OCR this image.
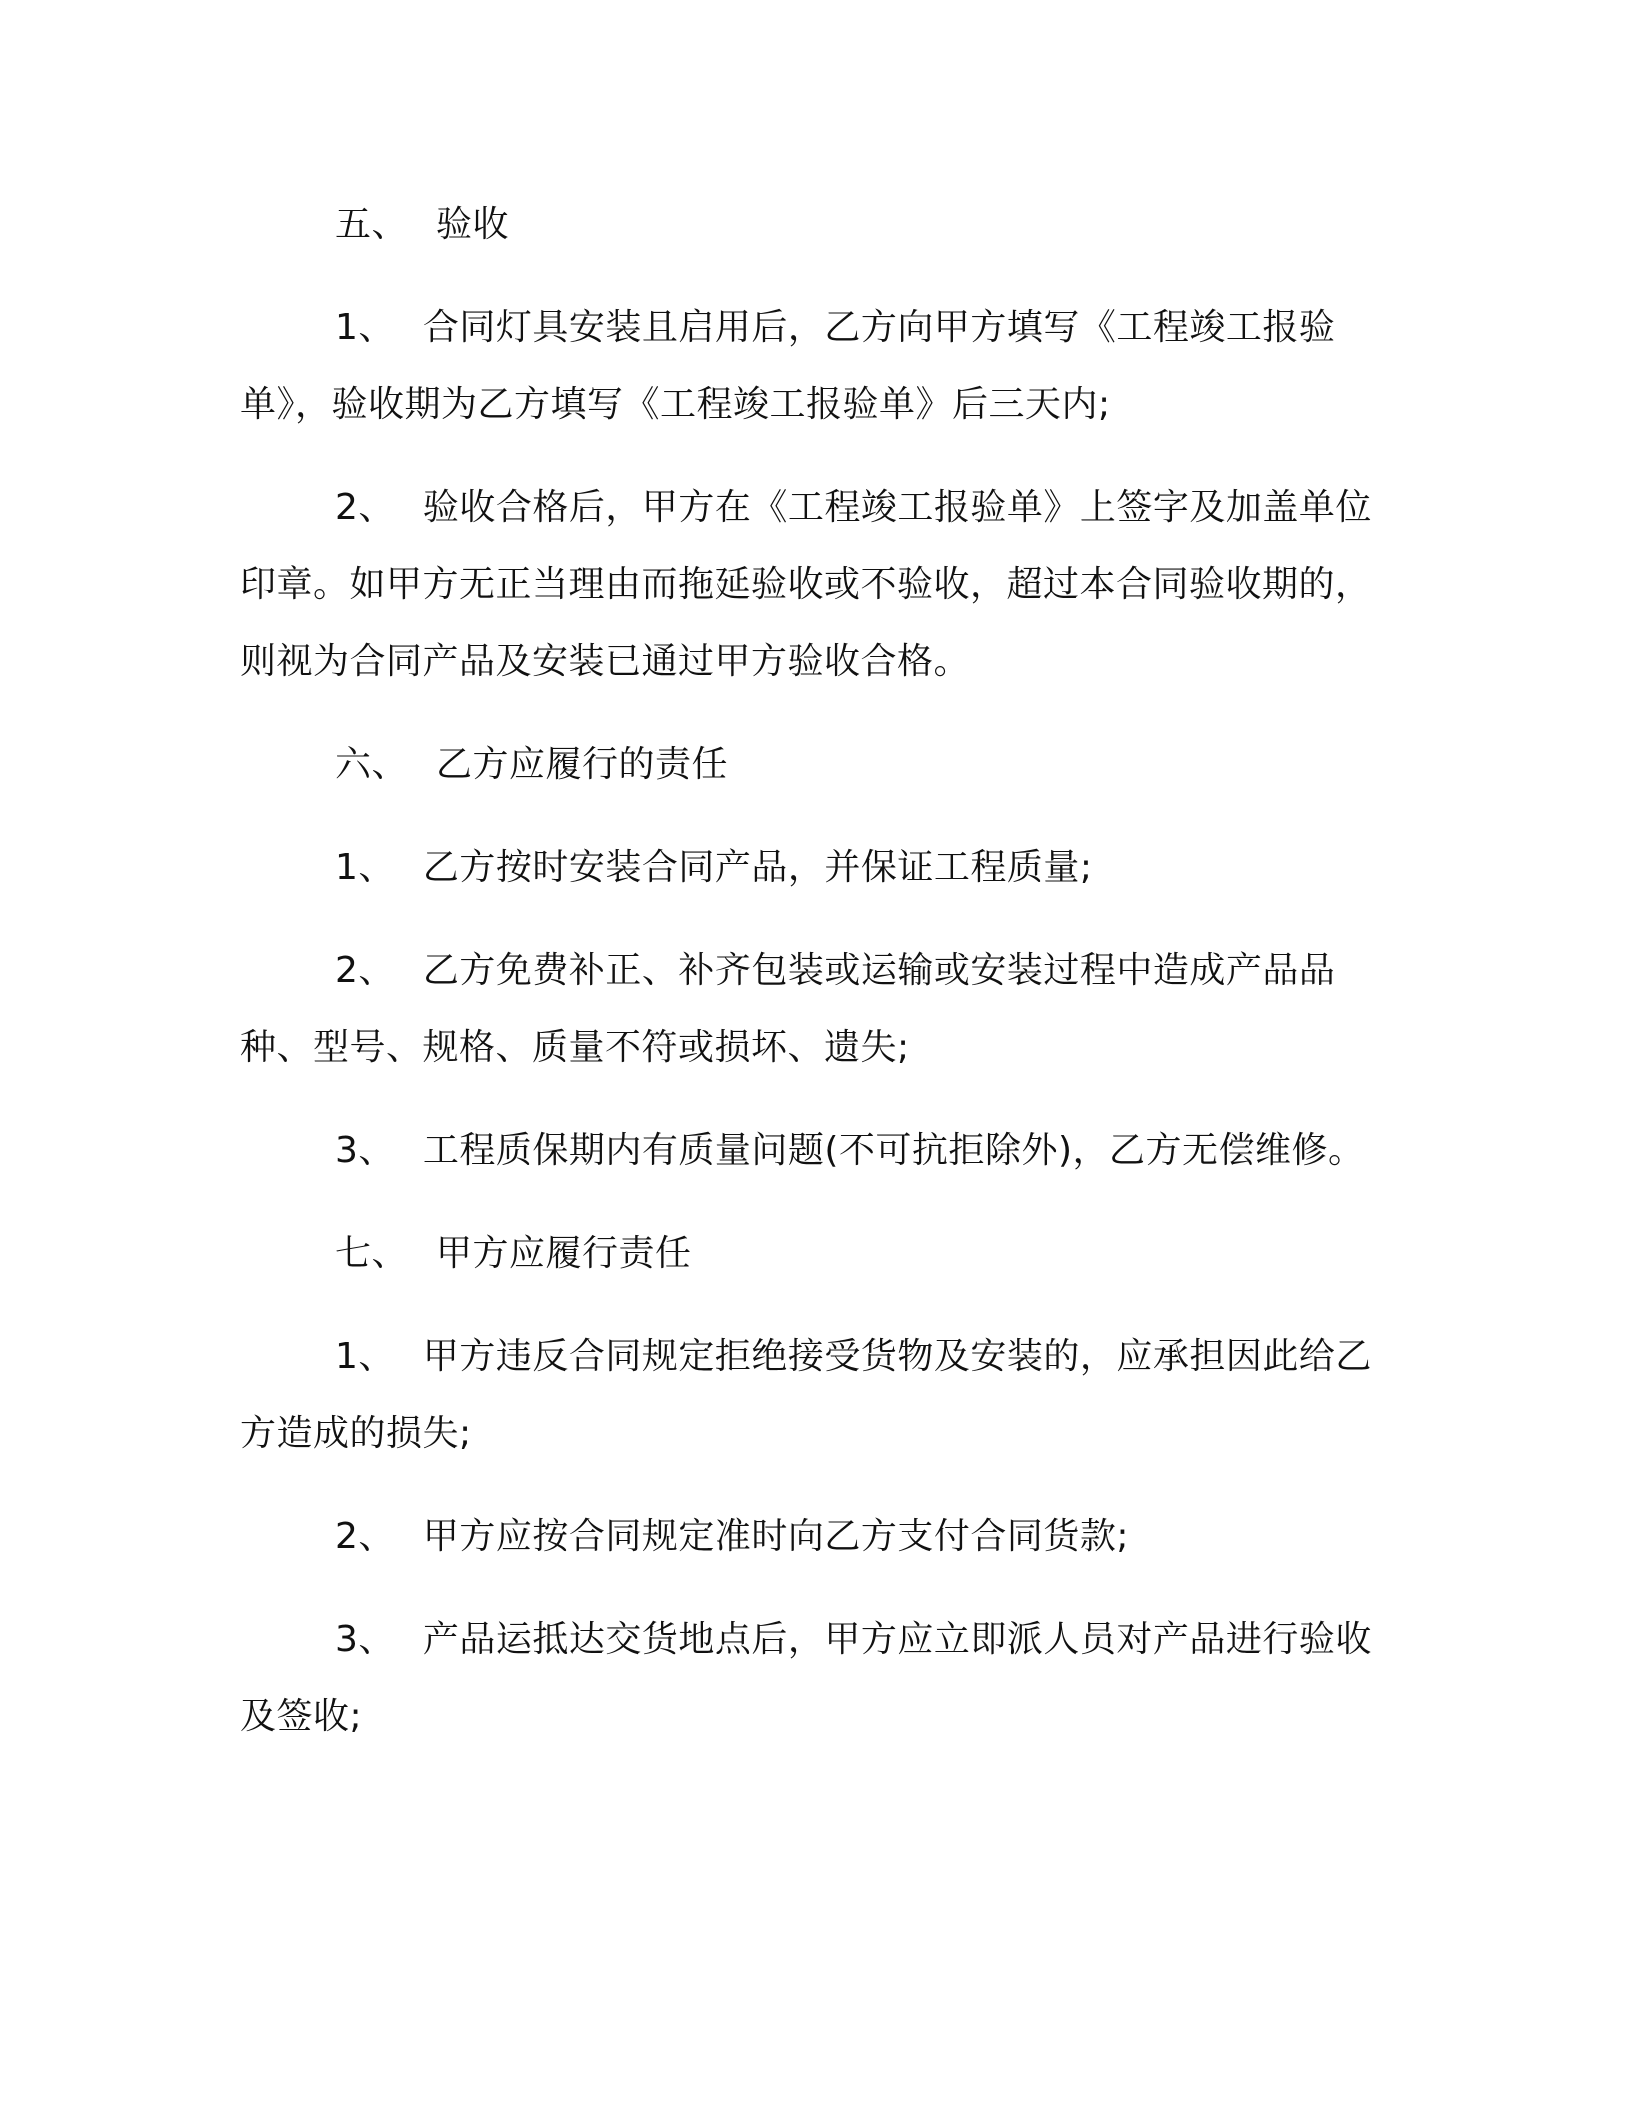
五、 验收

1、 合同灯具安装且启用后，乙方向甲方填写《工程竣工报验单》，验收期为乙方填写《工程竣工报验单》后三天内;

2、 验收合格后，甲方在《工程竣工报验单》上签字及加盖单位印章。如甲方无正当理由而拖延验收或不验收，超过本合同验收期的，则视为合同产品及安装已通过甲方验收合格。

六、 乙方应履行的责任

1、 乙方按时安装合同产品，并保证工程质量;

2、 乙方免费补正、补齐包装或运输或安装过程中造成产品品种、型号、规格、质量不符或损坏、遗失;

3、 工程质保期内有质量问题(不可抗拒除外)，乙方无偿维修。

七、 甲方应履行责任

1、 甲方违反合同规定拒绝接受货物及安装的，应承担因此给乙方造成的损失;

2、 甲方应按合同规定准时向乙方支付合同货款;

3、 产品运抵达交货地点后，甲方应立即派人员对产品进行验收及签收;
